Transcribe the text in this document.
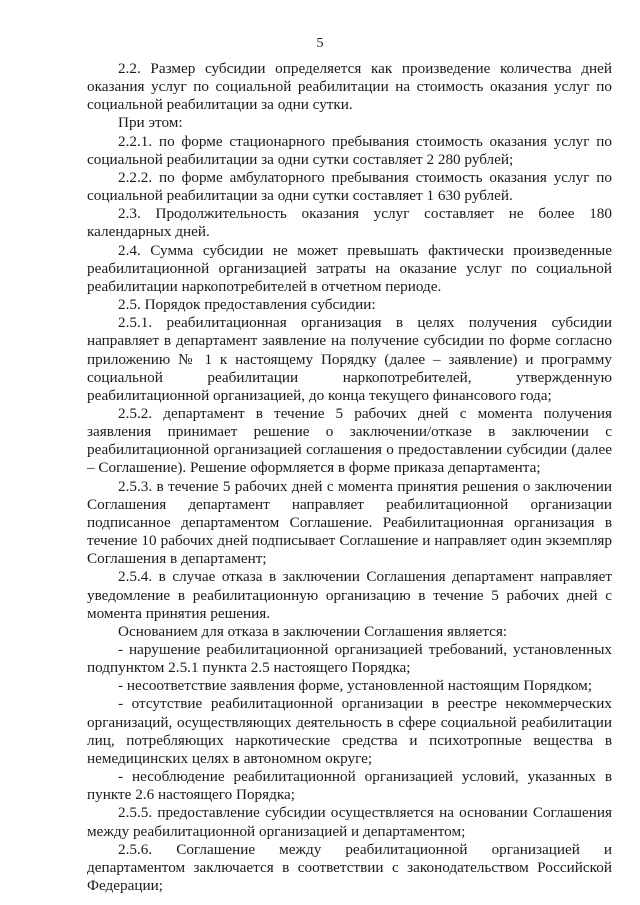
5

2.2. Размер субсидии определяется как произведение количества дней оказания услуг по социальной реабилитации на стоимость оказания услуг по социальной реабилитации за одни сутки.

При этом:

2.2.1. по форме стационарного пребывания стоимость оказания услуг по социальной реабилитации за одни сутки составляет 2 280 рублей;

2.2.2. по форме амбулаторного пребывания стоимость оказания услуг по социальной реабилитации за одни сутки составляет 1 630 рублей.

2.3. Продолжительность оказания услуг составляет не более 180 календарных дней.

2.4. Сумма субсидии не может превышать фактически произведенные реабилитационной организацией затраты на оказание услуг по социальной реабилитации наркопотребителей в отчетном периоде.

2.5. Порядок предоставления субсидии:

2.5.1. реабилитационная организация в целях получения субсидии направляет в департамент заявление на получение субсидии по форме согласно приложению № 1 к настоящему Порядку (далее – заявление) и программу социальной реабилитации наркопотребителей, утвержденную реабилитационной организацией, до конца текущего финансового года;

2.5.2. департамент в течение 5 рабочих дней с момента получения заявления принимает решение о заключении/отказе в заключении с реабилитационной организацией соглашения о предоставлении субсидии (далее – Соглашение). Решение оформляется в форме приказа департамента;

2.5.3. в течение 5 рабочих дней с момента принятия решения о заключении Соглашения департамент направляет реабилитационной организации подписанное департаментом Соглашение. Реабилитационная организация в течение 10 рабочих дней подписывает Соглашение и направляет один экземпляр Соглашения в департамент;

2.5.4. в случае отказа в заключении Соглашения департамент направляет уведомление в реабилитационную организацию в течение 5 рабочих дней с момента принятия решения.

Основанием для отказа в заключении Соглашения является:

- нарушение реабилитационной организацией требований, установленных подпунктом 2.5.1 пункта 2.5 настоящего Порядка;

- несоответствие заявления форме, установленной настоящим Порядком;

- отсутствие реабилитационной организации в реестре некоммерческих организаций, осуществляющих деятельность в сфере социальной реабилитации лиц, потребляющих наркотические средства и психотропные вещества в немедицинских целях в автономном округе;

- несоблюдение реабилитационной организацией условий, указанных в пункте 2.6 настоящего Порядка;

2.5.5. предоставление субсидии осуществляется на основании Соглашения между реабилитационной организацией и департаментом;

2.5.6. Соглашение между реабилитационной организацией и департаментом заключается в соответствии с законодательством Российской Федерации;
